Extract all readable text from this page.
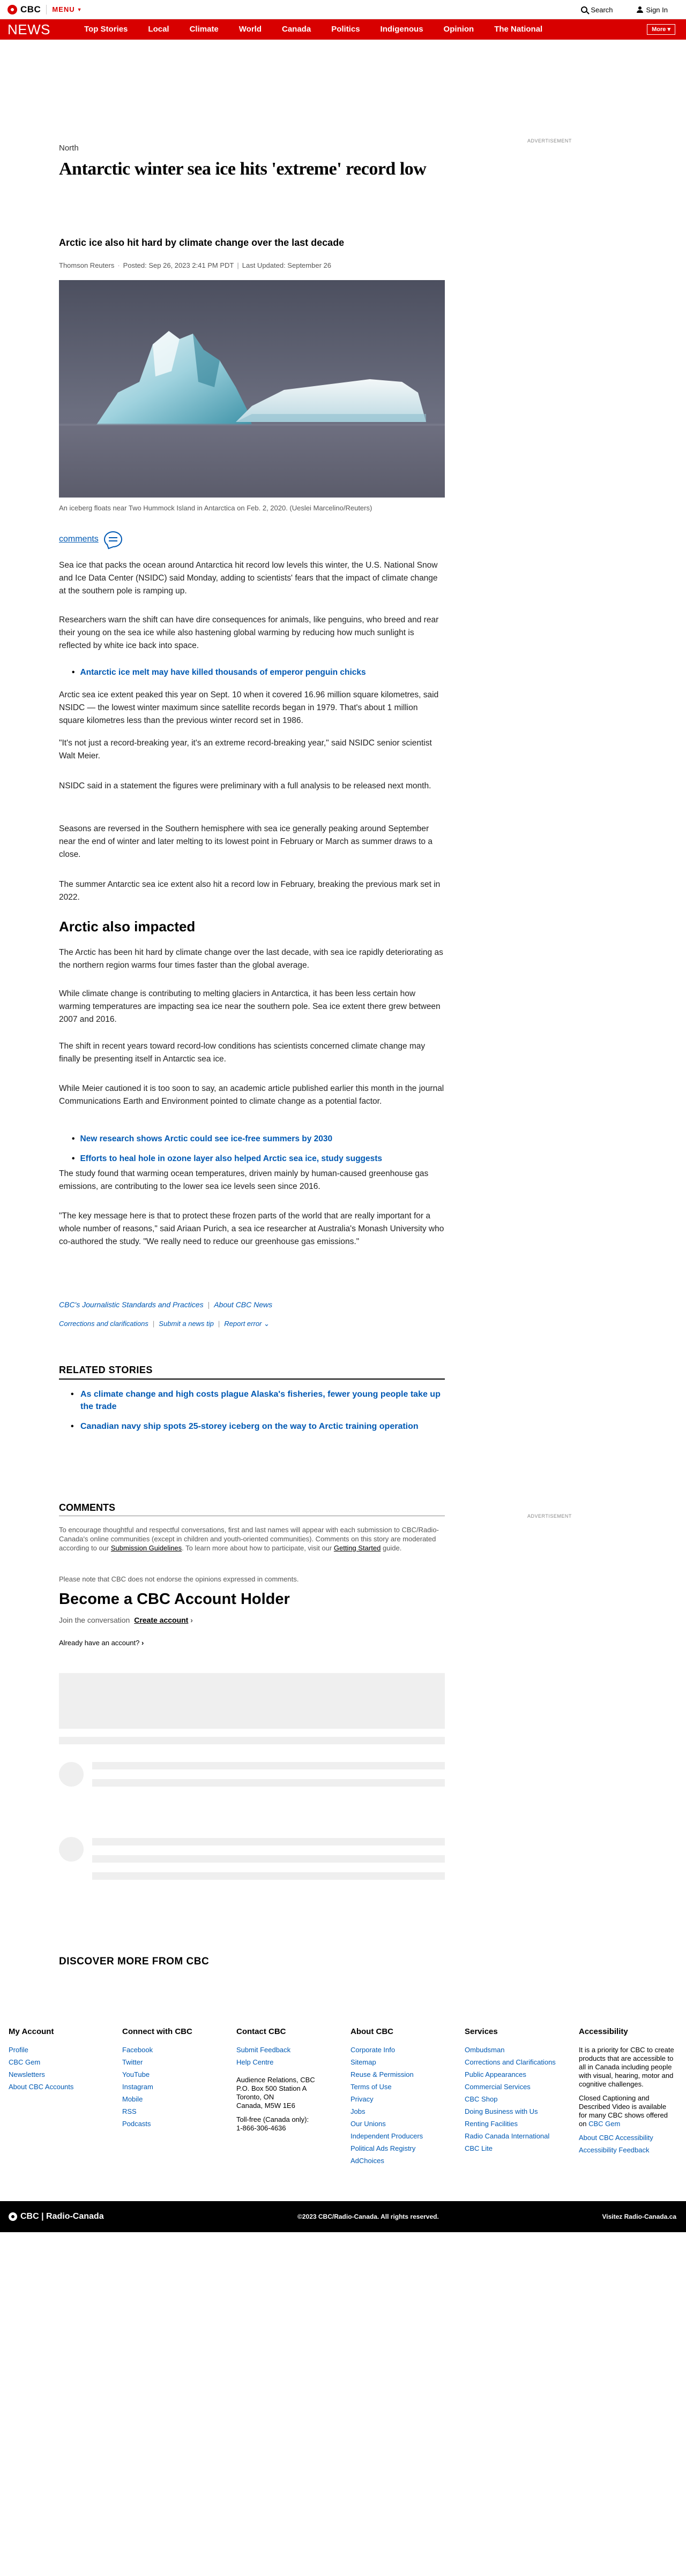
CBC MENU ▼	Search	Sign In
NEWS	Top Stories	Local	Climate	World	Canada	Politics	Indigenous	Opinion	The National	More ▾
North
Antarctic winter sea ice hits 'extreme' record low
ADVERTISEMENT
Arctic ice also hit hard by climate change over the last decade
Thomson Reuters · Posted: Sep 26, 2023 2:41 PM PDT | Last Updated: September 26
An iceberg floats near Two Hummock Island in Antarctica on Feb. 2, 2020. (Ueslei Marcelino/Reuters)
comments

Sea ice that packs the ocean around Antarctica hit record low levels this winter, the U.S. National Snow and Ice Data Center (NSIDC) said Monday, adding to scientists' fears that the impact of climate change at the southern pole is ramping up.

Researchers warn the shift can have dire consequences for animals, like penguins, who breed and rear their young on the sea ice while also hastening global warming by reducing how much sunlight is reflected by white ice back into space.

• Antarctic ice melt may have killed thousands of emperor penguin chicks

Arctic sea ice extent peaked this year on Sept. 10 when it covered 16.96 million square kilometres, said NSIDC — the lowest winter maximum since satellite records began in 1979. That's about 1 million square kilometres less than the previous winter record set in 1986.

"It's not just a record-breaking year, it's an extreme record-breaking year," said NSIDC senior scientist Walt Meier.

NSIDC said in a statement the figures were preliminary with a full analysis to be released next month.

Seasons are reversed in the Southern hemisphere with sea ice generally peaking around September near the end of winter and later melting to its lowest point in February or March as summer draws to a close.

The summer Antarctic sea ice extent also hit a record low in February, breaking the previous mark set in 2022.

Arctic also impacted

The Arctic has been hit hard by climate change over the last decade, with sea ice rapidly deteriorating as the northern region warms four times faster than the global average.

While climate change is contributing to melting glaciers in Antarctica, it has been less certain how warming temperatures are impacting sea ice near the southern pole. Sea ice extent there grew between 2007 and 2016.

The shift in recent years toward record-low conditions has scientists concerned climate change may finally be presenting itself in Antarctic sea ice.

While Meier cautioned it is too soon to say, an academic article published earlier this month in the journal Communications Earth and Environment pointed to climate change as a potential factor.

• New research shows Arctic could see ice-free summers by 2030
• Efforts to heal hole in ozone layer also helped Arctic sea ice, study suggests

The study found that warming ocean temperatures, driven mainly by human-caused greenhouse gas emissions, are contributing to the lower sea ice levels seen since 2016.

"The key message here is that to protect these frozen parts of the world that are really important for a whole number of reasons," said Ariaan Purich, a sea ice researcher at Australia's Monash University who co-authored the study. "We really need to reduce our greenhouse gas emissions."

CBC's Journalistic Standards and Practices | About CBC News
Corrections and clarifications | Submit a news tip | Report error ⌄
RELATED STORIES
• As climate change and high costs plague Alaska's fisheries, fewer young people take up the trade
• Canadian navy ship spots 25-storey iceberg on the way to Arctic training operation
COMMENTS
ADVERTISEMENT

To encourage thoughtful and respectful conversations, first and last names will appear with each submission to CBC/Radio-Canada's online communities (except in children and youth-oriented communities). Comments on this story are moderated according to our Submission Guidelines. To learn more about how to participate, visit our Getting Started guide.

Please note that CBC does not endorse the opinions expressed in comments.

Become a CBC Account Holder
Join the conversation Create account ›
Already have an account? ›
DISCOVER MORE FROM CBC
My Account
Profile
CBC Gem
Newsletters
About CBC Accounts
Connect with CBC
Facebook
Twitter
YouTube
Instagram
Mobile
RSS
Podcasts
Contact CBC
Submit Feedback
Help Centre
Audience Relations, CBC
P.O. Box 500 Station A
Toronto, ON
Canada, M5W 1E6
Toll-free (Canada only):
1-866-306-4636
About CBC
Corporate Info
Sitemap
Reuse & Permission
Terms of Use
Privacy
Jobs
Our Unions
Independent Producers
Political Ads Registry
AdChoices
Services
Ombudsman
Corrections and Clarifications
Public Appearances
Commercial Services
CBC Shop
Doing Business with Us
Renting Facilities
Radio Canada International
CBC Lite
Accessibility
It is a priority for CBC to create products that are accessible to all in Canada including people with visual, hearing, motor and cognitive challenges.
Closed Captioning and Described Video is available for many CBC shows offered on CBC Gem
About CBC Accessibility
Accessibility Feedback
CBC | Radio-Canada	©2023 CBC/Radio-Canada. All rights reserved.	Visitez Radio-Canada.ca
